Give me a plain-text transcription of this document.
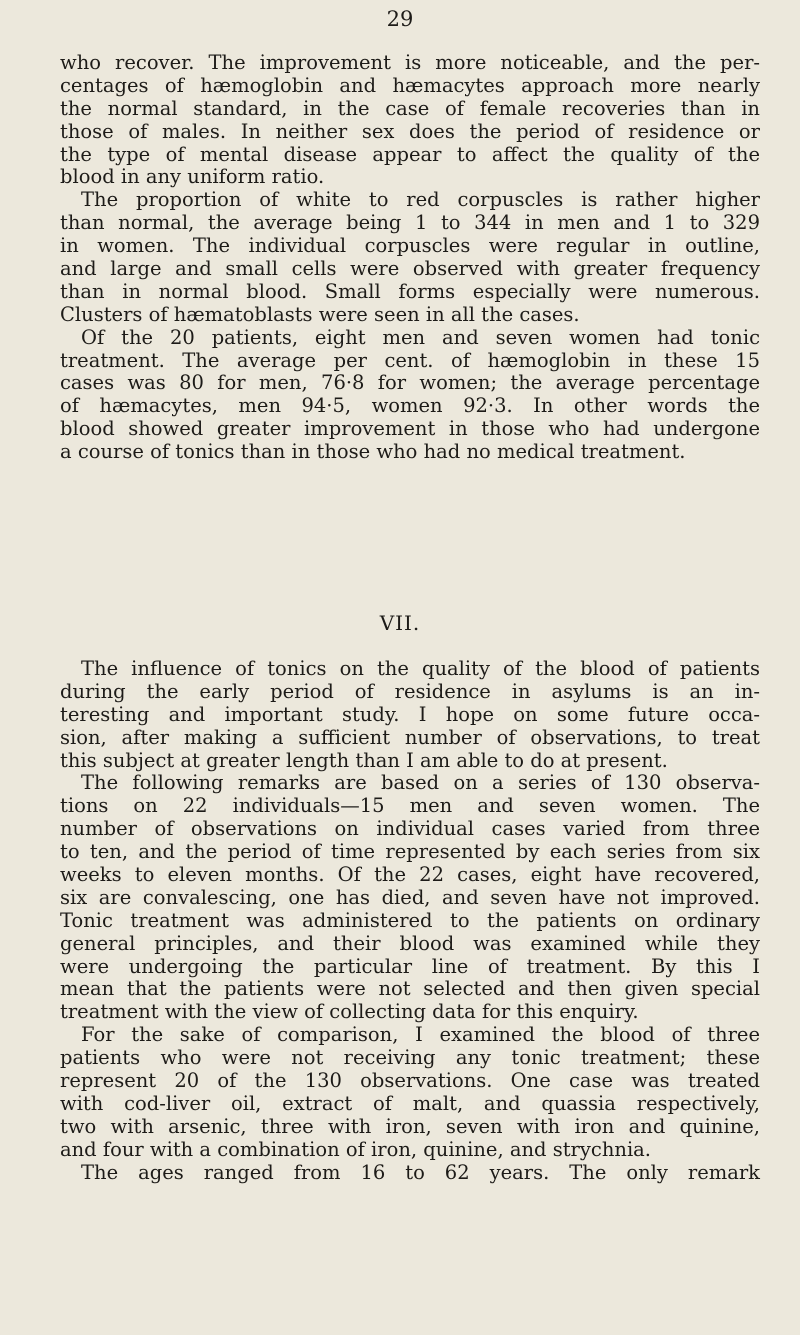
29
who recover. The improvement is more noticeable, and the per-
centages of hæmoglobin and hæmacytes approach more nearly
the normal standard, in the case of female recoveries than in
those of males. In neither sex does the period of residence or
the type of mental disease appear to affect the quality of the
blood in any uniform ratio.
The proportion of white to red corpuscles is rather higher
than normal, the average being 1 to 344 in men and 1 to 329
in women. The individual corpuscles were regular in outline,
and large and small cells were observed with greater frequency
than in normal blood. Small forms especially were numerous.
Clusters of hæmatoblasts were seen in all the cases.
Of the 20 patients, eight men and seven women had tonic
treatment. The average per cent. of hæmoglobin in these 15
cases was 80 for men, 76·8 for women; the average percentage
of hæmacytes, men 94·5, women 92·3. In other words the
blood showed greater improvement in those who had undergone
a course of tonics than in those who had no medical treatment.
VII.
The influence of tonics on the quality of the blood of patients
during the early period of residence in asylums is an in-
teresting and important study. I hope on some future occa-
sion, after making a sufficient number of observations, to treat
this subject at greater length than I am able to do at present.
The following remarks are based on a series of 130 observa-
tions on 22 individuals—15 men and seven women. The
number of observations on individual cases varied from three
to ten, and the period of time represented by each series from six
weeks to eleven months. Of the 22 cases, eight have recovered,
six are convalescing, one has died, and seven have not improved.
Tonic treatment was administered to the patients on ordinary
general principles, and their blood was examined while they
were undergoing the particular line of treatment. By this I
mean that the patients were not selected and then given special
treatment with the view of collecting data for this enquiry.
For the sake of comparison, I examined the blood of three
patients who were not receiving any tonic treatment; these
represent 20 of the 130 observations. One case was treated
with cod-liver oil, extract of malt, and quassia respectively,
two with arsenic, three with iron, seven with iron and quinine,
and four with a combination of iron, quinine, and strychnia.
The ages ranged from 16 to 62 years. The only remark
